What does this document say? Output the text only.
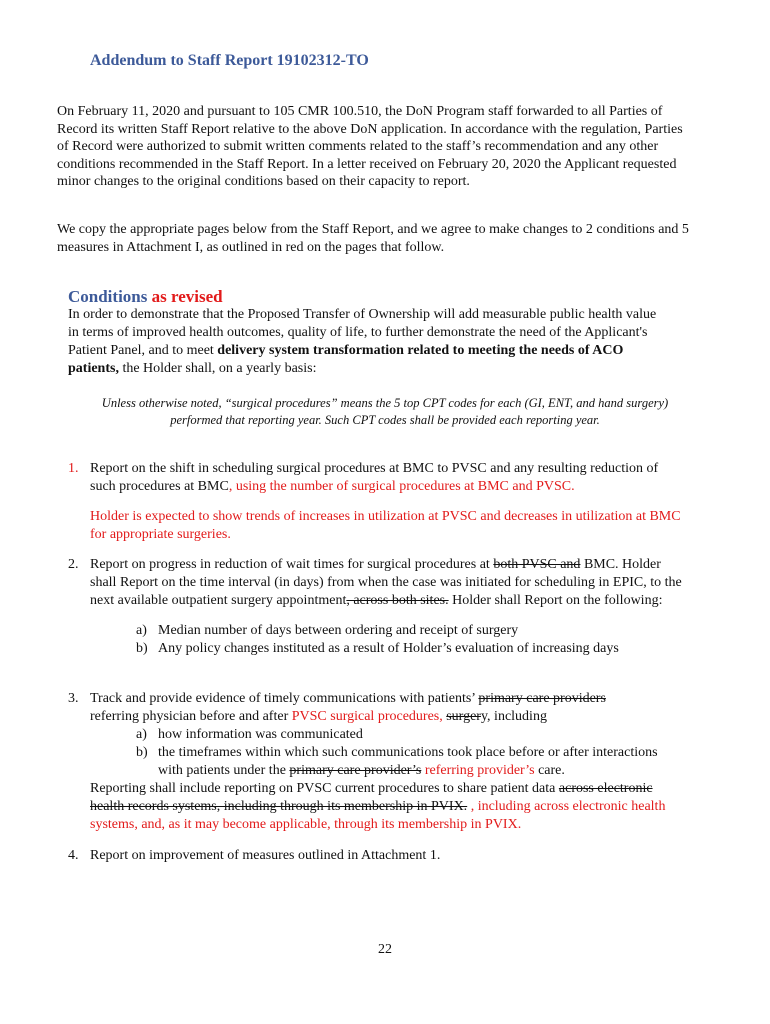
Addendum to Staff Report 19102312-TO

On February 11, 2020 and pursuant to 105 CMR 100.510, the DoN Program staff forwarded to all Parties of Record its written Staff Report relative to the above DoN application. In accordance with the regulation, Parties of Record were authorized to submit written comments related to the staff’s recommendation and any other conditions recommended in the Staff Report. In a letter received on February 20, 2020 the Applicant requested minor changes to the original conditions based on their capacity to report.

We copy the appropriate pages below from the Staff Report, and we agree to make changes to 2 conditions and 5 measures in Attachment I, as outlined in red on the pages that follow.

Conditions as revised

In order to demonstrate that the Proposed Transfer of Ownership will add measurable public health value in terms of improved health outcomes, quality of life, to further demonstrate the need of the Applicant's Patient Panel, and to meet delivery system transformation related to meeting the needs of ACO patients, the Holder shall, on a yearly basis:

Unless otherwise noted, “surgical procedures” means the 5 top CPT codes for each (GI, ENT, and hand surgery) performed that reporting year. Such CPT codes shall be provided each reporting year.

1. Report on the shift in scheduling surgical procedures at BMC to PVSC and any resulting reduction of such procedures at BMC, using the number of surgical procedures at BMC and PVSC.

Holder is expected to show trends of increases in utilization at PVSC and decreases in utilization at BMC for appropriate surgeries.

2. Report on progress in reduction of wait times for surgical procedures at both PVSC and BMC. Holder shall Report on the time interval (in days) from when the case was initiated for scheduling in EPIC, to the next available outpatient surgery appointment, across both sites. Holder shall Report on the following:

a) Median number of days between ordering and receipt of surgery
b) Any policy changes instituted as a result of Holder’s evaluation of increasing days
3. Track and provide evidence of timely communications with patients’ primary care providers
referring physician before and after PVSC surgical procedures, surgery, including

a) how information was communicated
b) the timeframes within which such communications took place before or after interactions with patients under the primary care provider’s referring provider’s care.

Reporting shall include reporting on PVSC current procedures to share patient data across electronic health records systems, including through its membership in PVIX. , including across electronic health systems, and, as it may become applicable, through its membership in PVIX.

4. Report on improvement of measures outlined in Attachment 1.

22
